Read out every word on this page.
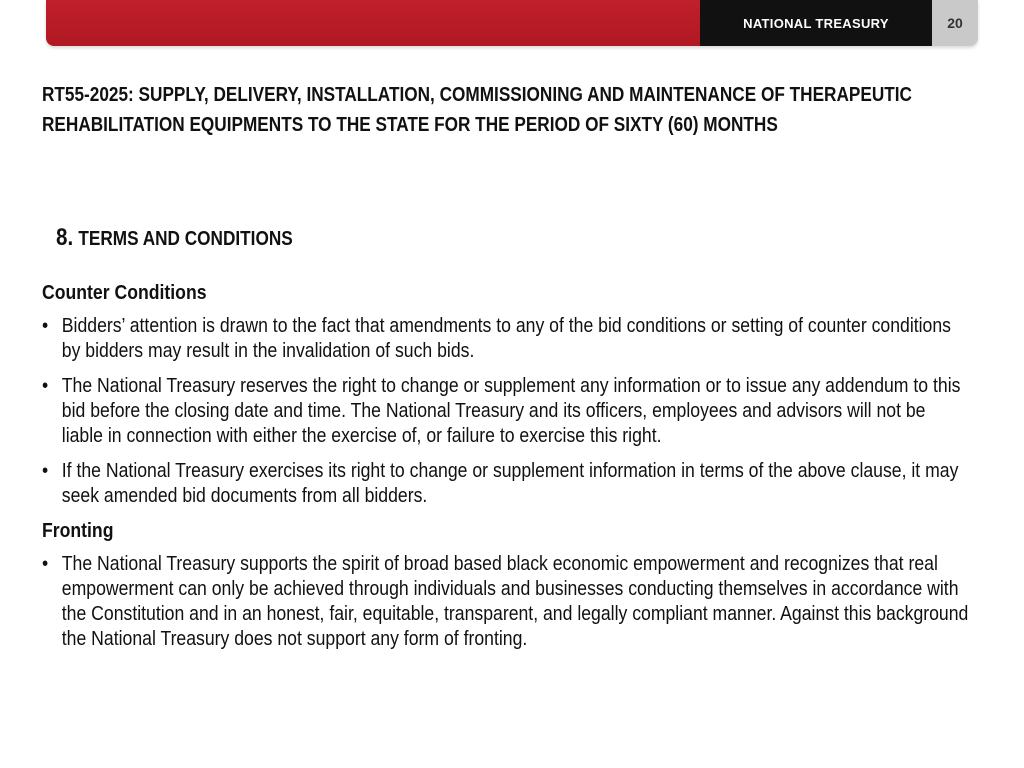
NATIONAL TREASURY	20
RT55-2025: SUPPLY, DELIVERY, INSTALLATION, COMMISSIONING AND MAINTENANCE OF THERAPEUTIC REHABILITATION EQUIPMENTS TO THE STATE FOR THE PERIOD OF SIXTY (60) MONTHS
8. TERMS AND CONDITIONS
Counter Conditions
• Bidders’ attention is drawn to the fact that amendments to any of the bid conditions or setting of counter conditions by bidders may result in the invalidation of such bids.
• The National Treasury reserves the right to change or supplement any information or to issue any addendum to this bid before the closing date and time. The National Treasury and its officers, employees and advisors will not be liable in connection with either the exercise of, or failure to exercise this right.
• If the National Treasury exercises its right to change or supplement information in terms of the above clause, it may seek amended bid documents from all bidders.
Fronting
• The National Treasury supports the spirit of broad based black economic empowerment and recognizes that real empowerment can only be achieved through individuals and businesses conducting themselves in accordance with the Constitution and in an honest, fair, equitable, transparent, and legally compliant manner. Against this background the National Treasury does not support any form of fronting.
